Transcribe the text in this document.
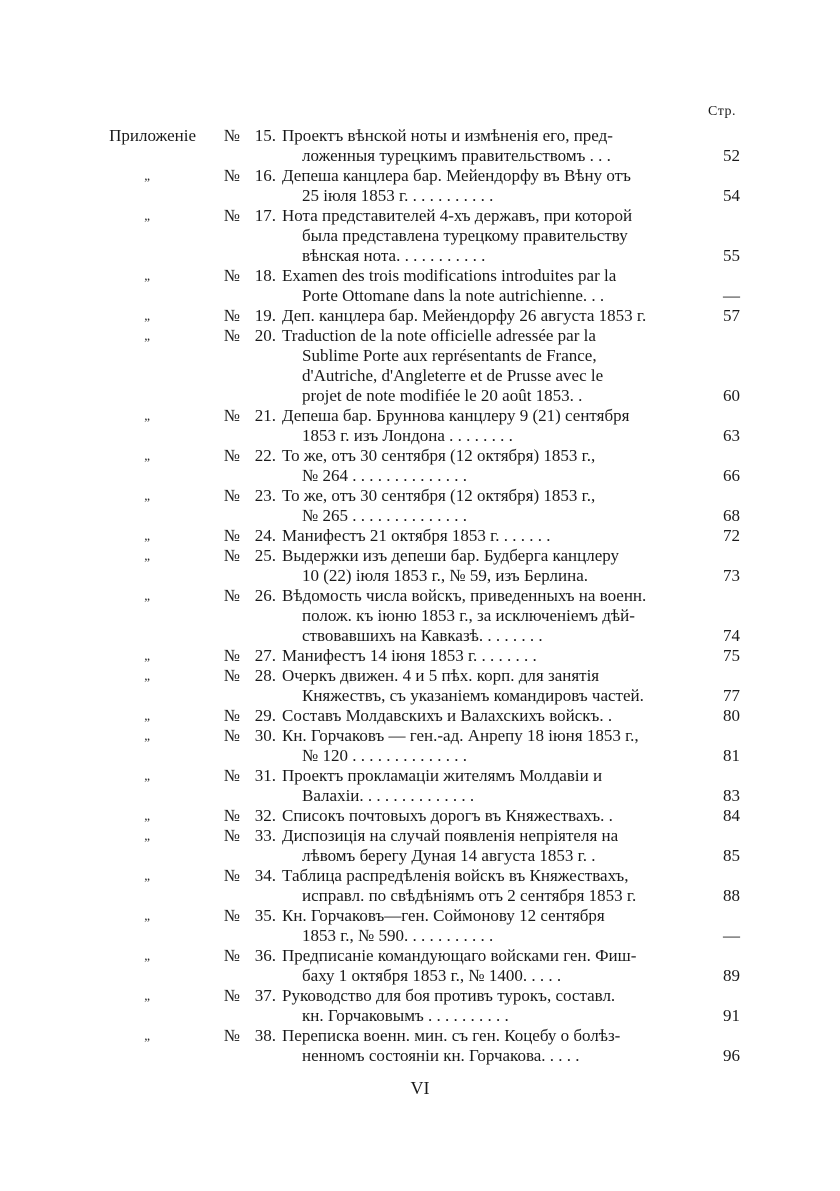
Стр.
Приложеніе	№ 15. Проектъ вѣнской ноты и измѣненія его, пред-
ложенныя турецкимъ правительствомъ . . .	52
„	№ 16. Депеша канцлера бар. Мейендорфу въ Вѣну отъ
25 іюля 1853 г. . . . . . . . . . .	54
„	№ 17. Нота представителей 4-хъ державъ, при которой
была представлена турецкому правительству
вѣнская нота. . . . . . . . . . .	55
„	№ 18. Examen des trois modifications introduites par la
Porte Ottomane dans la note autrichienne. . .	—
„	№ 19. Деп. канцлера бар. Мейендорфу 26 августа 1853 г.	57
„	№ 20. Traduction de la note officielle adressée par la
Sublime Porte aux représentants de France,
d'Autriche, d'Angleterre et de Prusse avec le
projet de note modifiée le 20 août 1853. .	60
„	№ 21. Депеша бар. Бруннова канцлеру 9 (21) сентября
1853 г. изъ Лондона . . . . . . . .	63
„	№ 22. То же, отъ 30 сентября (12 октября) 1853 г.,
№ 264 . . . . . . . . . . . . . .	66
„	№ 23. То же, отъ 30 сентября (12 октября) 1853 г.,
№ 265 . . . . . . . . . . . . . .	68
„	№ 24. Манифестъ 21 октября 1853 г. . . . . . .	72
„	№ 25. Выдержки изъ депеши бар. Будберга канцлеру
10 (22) іюля 1853 г., № 59, изъ Берлина.	73
„	№ 26. Вѣдомость числа войскъ, приведенныхъ на военн.
полож. къ іюню 1853 г., за исключеніемъ дѣй-
ствовавшихъ на Кавказѣ. . . . . . . .	74
„	№ 27. Манифестъ 14 іюня 1853 г. . . . . . . .	75
„	№ 28. Очеркъ движен. 4 и 5 пѣх. корп. для занятія
Княжествъ, съ указаніемъ командировъ частей.	77
„	№ 29. Составъ Молдавскихъ и Валахскихъ войскъ. .	80
„	№ 30. Кн. Горчаковъ — ген.-ад. Анрепу 18 іюня 1853 г.,
№ 120 . . . . . . . . . . . . . .	81
„	№ 31. Проектъ прокламаціи жителямъ Молдавіи и
Валахіи. . . . . . . . . . . . . .	83
„	№ 32. Списокъ почтовыхъ дорогъ въ Княжествахъ. .	84
„	№ 33. Диспозиція на случай появленія непріятеля на
лѣвомъ берегу Дуная 14 августа 1853 г. .	85
„	№ 34. Таблица распредѣленія войскъ въ Княжествахъ,
исправл. по свѣдѣніямъ отъ 2 сентября 1853 г.	88
„	№ 35. Кн. Горчаковъ—ген. Соймонову 12 сентября
1853 г., № 590. . . . . . . . . . .	—
„	№ 36. Предписаніе командующаго войсками ген. Фиш-
баху 1 октября 1853 г., № 1400. . . . .	89
„	№ 37. Руководство для боя противъ турокъ, составл.
кн. Горчаковымъ . . . . . . . . . .	91
„	№ 38. Переписка военн. мин. съ ген. Коцебу о болѣз-
ненномъ состояніи кн. Горчакова. . . . .	96
VI
